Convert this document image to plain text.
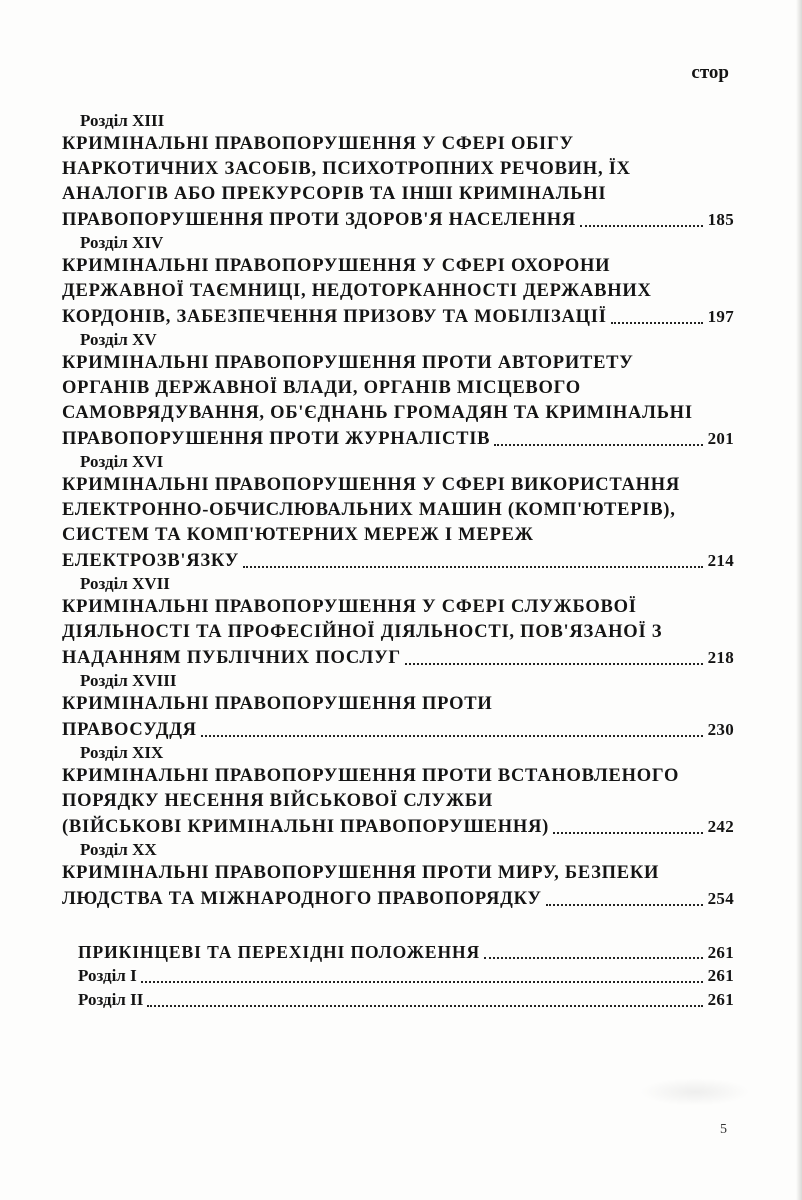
стор
Розділ XIII
КРИМІНАЛЬНІ ПРАВОПОРУШЕННЯ У СФЕРІ ОБІГУ
НАРКОТИЧНИХ ЗАСОБІВ, ПСИХОТРОПНИХ РЕЧОВИН, ЇХ
АНАЛОГІВ АБО ПРЕКУРСОРІВ ТА ІНШІ КРИМІНАЛЬНІ
ПРАВОПОРУШЕННЯ ПРОТИ ЗДОРОВ'Я НАСЕЛЕННЯ	185
Розділ XIV
КРИМІНАЛЬНІ ПРАВОПОРУШЕННЯ У СФЕРІ ОХОРОНИ
ДЕРЖАВНОЇ ТАЄМНИЦІ, НЕДОТОРКАННОСТІ ДЕРЖАВНИХ
КОРДОНІВ, ЗАБЕЗПЕЧЕННЯ ПРИЗОВУ ТА МОБІЛІЗАЦІЇ	197
Розділ XV
КРИМІНАЛЬНІ ПРАВОПОРУШЕННЯ ПРОТИ АВТОРИТЕТУ
ОРГАНІВ ДЕРЖАВНОЇ ВЛАДИ, ОРГАНІВ МІСЦЕВОГО
САМОВРЯДУВАННЯ, ОБ'ЄДНАНЬ ГРОМАДЯН ТА КРИМІНАЛЬНІ
ПРАВОПОРУШЕННЯ ПРОТИ ЖУРНАЛІСТІВ	201
Розділ XVI
КРИМІНАЛЬНІ ПРАВОПОРУШЕННЯ У СФЕРІ ВИКОРИСТАННЯ
ЕЛЕКТРОННО-ОБЧИСЛЮВАЛЬНИХ МАШИН (КОМП'ЮТЕРІВ),
СИСТЕМ ТА КОМП'ЮТЕРНИХ МЕРЕЖ І МЕРЕЖ
ЕЛЕКТРОЗВ'ЯЗКУ	214
Розділ XVII
КРИМІНАЛЬНІ ПРАВОПОРУШЕННЯ У СФЕРІ СЛУЖБОВОЇ
ДІЯЛЬНОСТІ ТА ПРОФЕСІЙНОЇ ДІЯЛЬНОСТІ, ПОВ'ЯЗАНОЇ З
НАДАННЯМ ПУБЛІЧНИХ ПОСЛУГ	218
Розділ XVIII
КРИМІНАЛЬНІ ПРАВОПОРУШЕННЯ ПРОТИ
ПРАВОСУДДЯ	230
Розділ XIX
КРИМІНАЛЬНІ ПРАВОПОРУШЕННЯ ПРОТИ ВСТАНОВЛЕНОГО
ПОРЯДКУ НЕСЕННЯ ВІЙСЬКОВОЇ СЛУЖБИ
(ВІЙСЬКОВІ КРИМІНАЛЬНІ ПРАВОПОРУШЕННЯ)	242
Розділ XX
КРИМІНАЛЬНІ ПРАВОПОРУШЕННЯ ПРОТИ МИРУ, БЕЗПЕКИ
ЛЮДСТВА ТА МІЖНАРОДНОГО ПРАВОПОРЯДКУ	254
ПРИКІНЦЕВІ ТА ПЕРЕХІДНІ ПОЛОЖЕННЯ	261
Розділ I	261
Розділ II	261
5
